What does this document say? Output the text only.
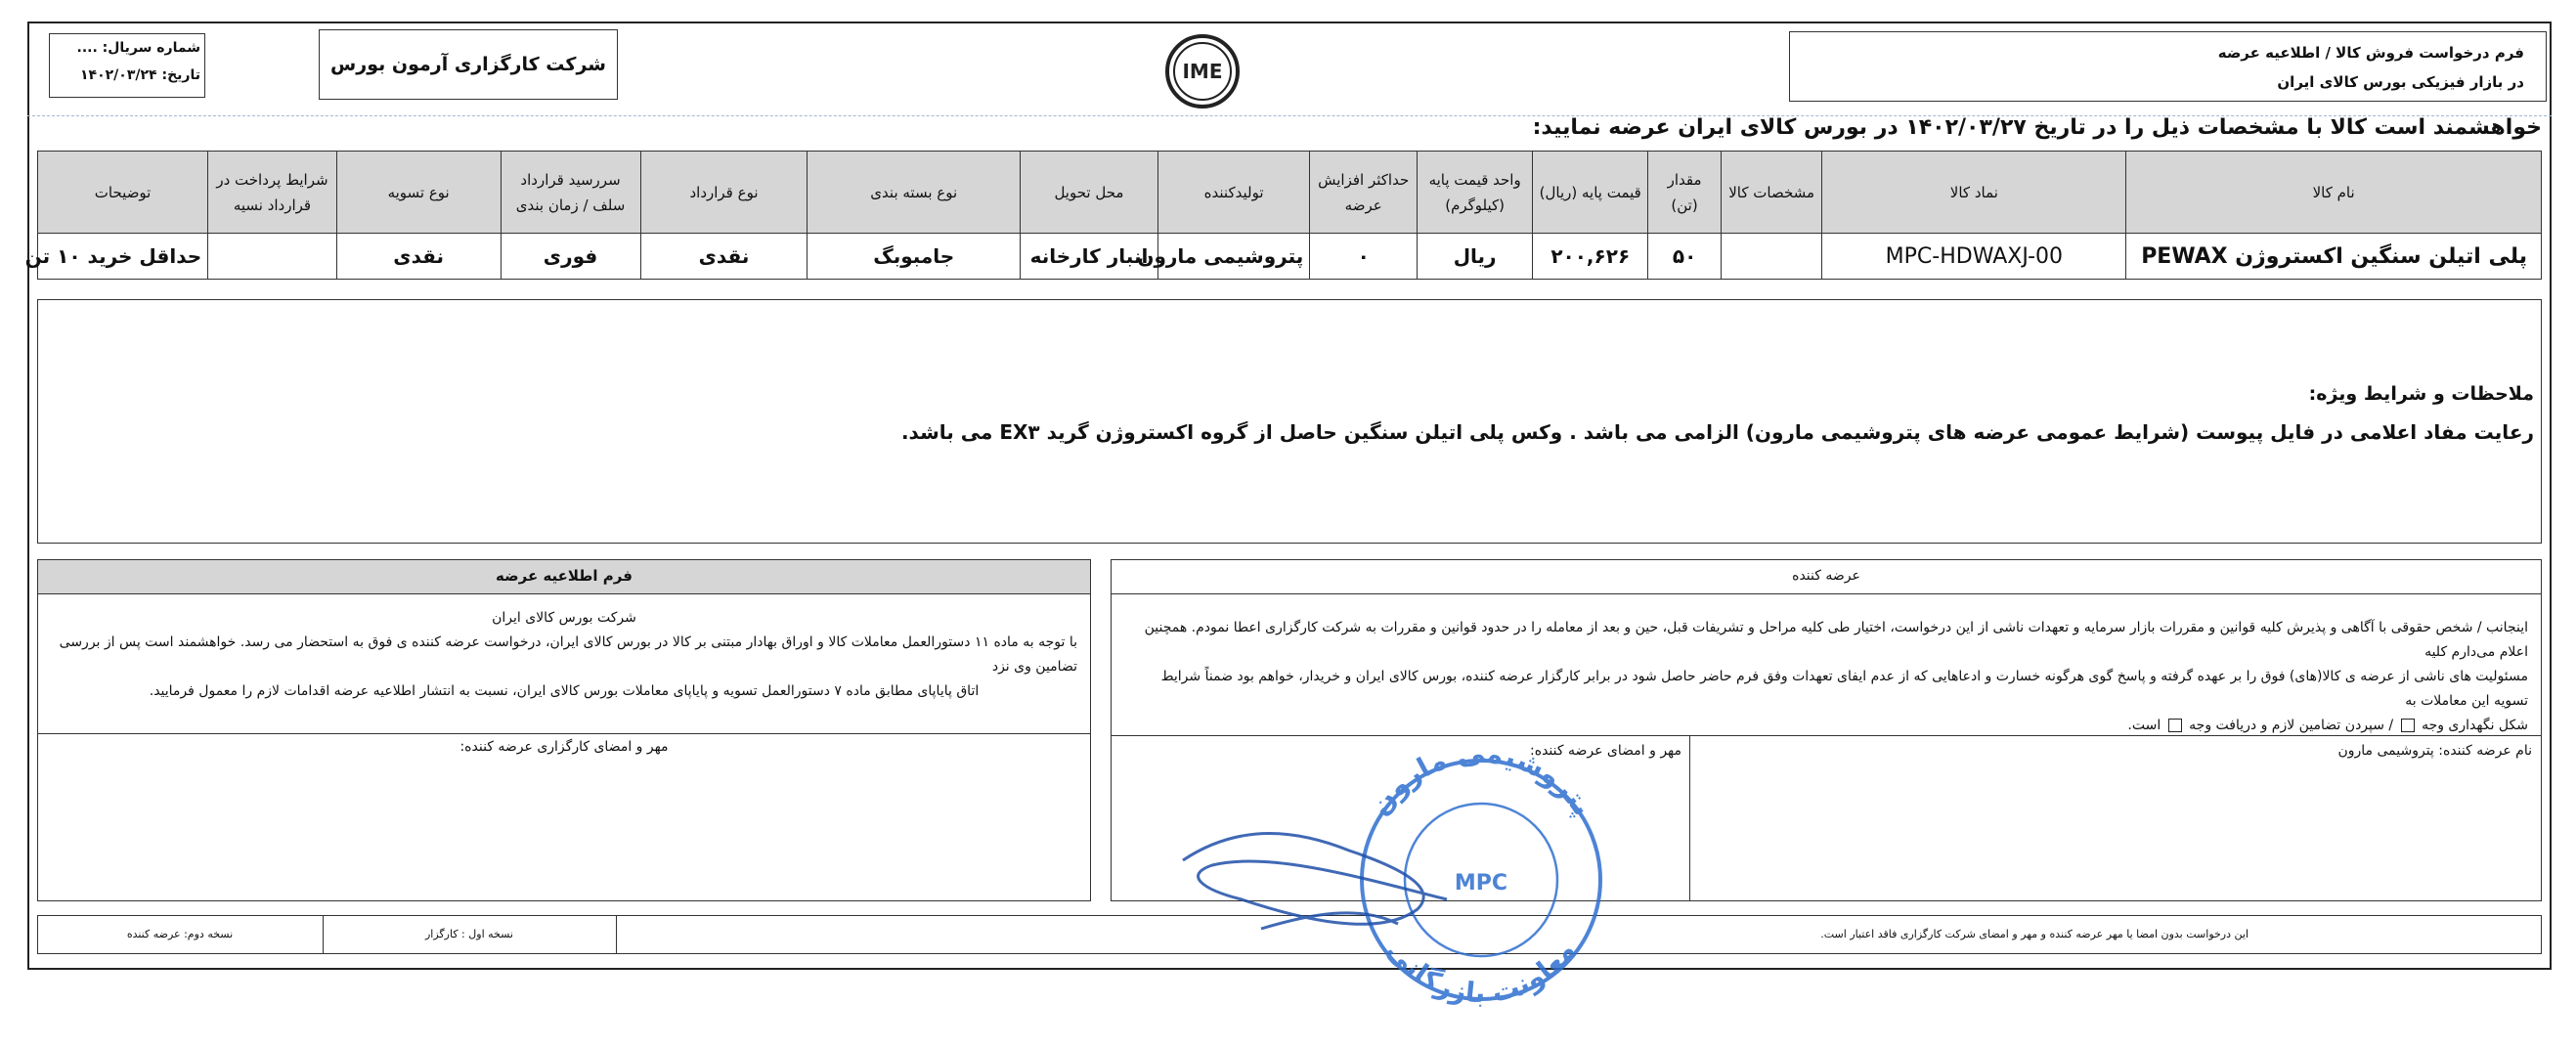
فرم درخواست فروش کالا / اطلاعیه عرضه
در بازار فیزیکی بورس کالای ایران
IME
شرکت کارگزاری آرمون بورس
شماره سریال: ....
تاریخ: ۱۴۰۲/۰۳/۲۴
خواهشمند است کالا با مشخصات ذیل را در تاریخ ۱۴۰۲/۰۳/۲۷ در بورس کالای ایران عرضه نمایید:
نام کالا	نماد کالا	مشخصات کالا	مقدار (تن)	قیمت پایه (ریال)	واحد قیمت پایه (کیلوگرم)	حداکثر افزایش عرضه	تولیدکننده	محل تحویل	نوع بسته بندی	نوع قرارداد	سررسید قرارداد سلف / زمان بندی	نوع تسویه	شرایط پرداخت در قرارداد نسیه	توضیحات
پلی اتیلن سنگین اکستروژن PEWAX	MPC-HDWAXJ-00		۵۰	۲۰۰,۶۲۶	ریال	۰	پتروشیمی مارون	انبار کارخانه	جامبوبگ	نقدی	فوری	نقدی		حداقل خرید ۱۰ تن
ملاحظات و شرایط ویژه:
رعایت مفاد اعلامی در فایل پیوست (شرایط عمومی عرضه های پتروشیمی مارون) الزامی می باشد . وکس پلی اتیلن سنگین حاصل از گروه اکستروژن گرید EX۳ می باشد.
فرم اطلاعیه عرضه
شرکت بورس کالای ایران
با توجه به ماده ۱۱ دستورالعمل معاملات کالا و اوراق بهادار مبتنی بر کالا در بورس کالای ایران، درخواست عرضه کننده ی فوق به استحضار می رسد. خواهشمند است پس از بررسی تضامین وی نزد
اتاق پایاپای مطابق ماده ۷ دستورالعمل تسویه و پایاپای معاملات بورس کالای ایران، نسبت به انتشار اطلاعیه عرضه اقدامات لازم را معمول فرمایید.
مهر و امضای کارگزاری عرضه کننده:
عرضه کننده
اینجانب / شخص حقوقی با آگاهی و پذیرش کلیه قوانین و مقررات بازار سرمایه و تعهدات ناشی از این درخواست، اختیار طی کلیه مراحل و تشریفات قبل، حین و بعد از معامله را در حدود قوانین و مقررات به شرکت کارگزاری اعطا نمودم. همچنین اعلام می‌دارم کلیه
مسئولیت های ناشی از عرضه ی کالا(های) فوق را بر عهده گرفته و پاسخ گوی هرگونه خسارت و ادعاهایی که از عدم ایفای تعهدات وفق فرم حاضر حاصل شود در برابر کارگزار عرضه کننده، بورس کالای ایران و خریدار، خواهم بود ضمناً شرایط تسویه این معاملات به
شکل نگهداری وجه  / سپردن تضامین لازم و دریافت وجه  است.
نام عرضه کننده: پتروشیمی مارون
مهر و امضای عرضه کننده:
این درخواست بدون امضا یا مهر عرضه کننده و مهر و امضای شرکت کارگزاری فاقد اعتبار است.
نسخه اول : کارگزار
نسخه دوم: عرضه کننده
پتروشیمی مارون
معاونت بازرگانی
MPC
